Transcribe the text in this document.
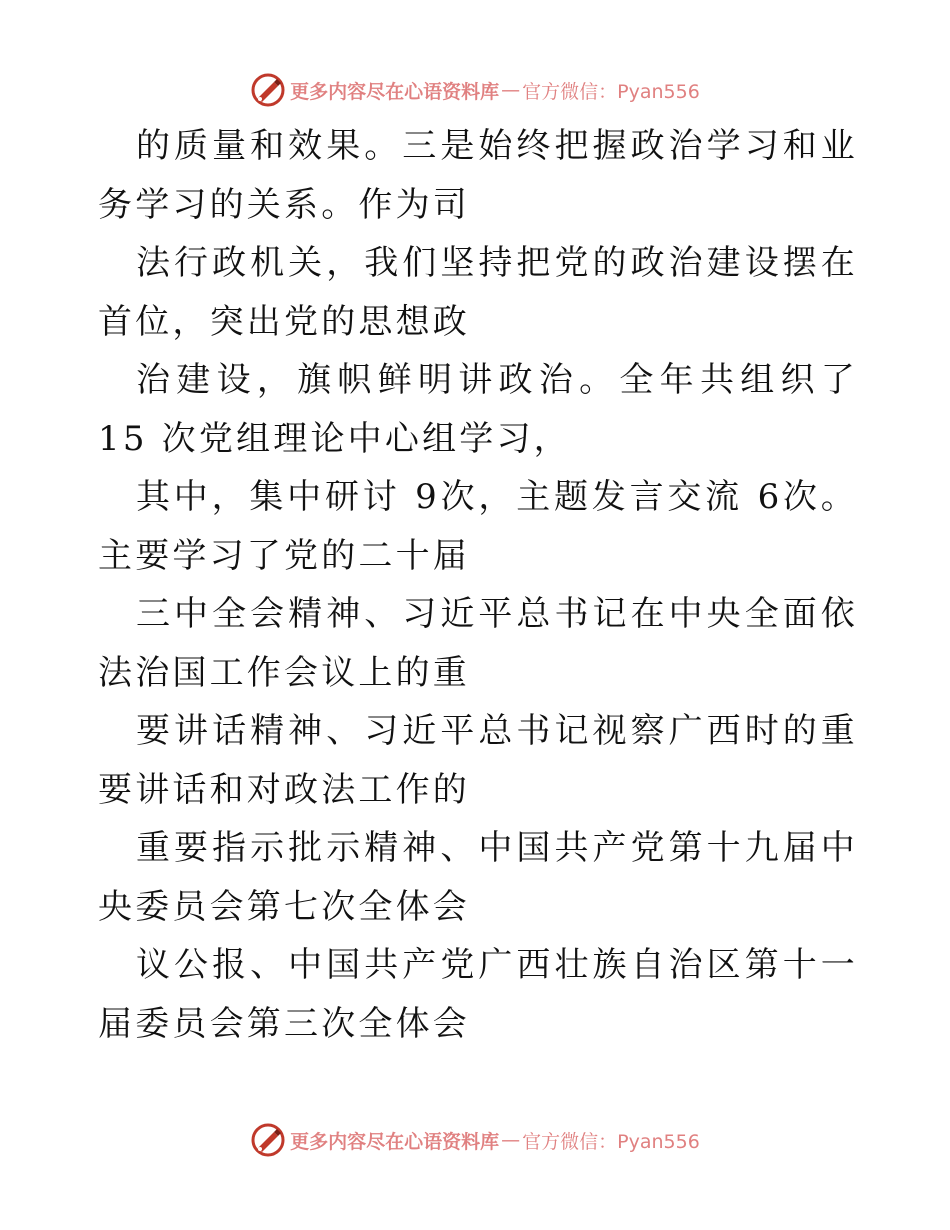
更多内容尽在心语资料库 — 官方微信：Pyan556

的质量和效果。三是始终把握政治学习和业务学习的关系。作为司

法行政机关，我们坚持把党的政治建设摆在首位，突出党的思想政

治建设，旗帜鲜明讲政治。全年共组织了 15 次党组理论中心组学习，

其中，集中研讨 9次，主题发言交流 6次。主要学习了党的二十届

三中全会精神、习近平总书记在中央全面依法治国工作会议上的重

要讲话精神、习近平总书记视察广西时的重要讲话和对政法工作的

重要指示批示精神、中国共产党第十九届中央委员会第七次全体会

议公报、中国共产党广西壮族自治区第十一届委员会第三次全体会

更多内容尽在心语资料库 — 官方微信：Pyan556
